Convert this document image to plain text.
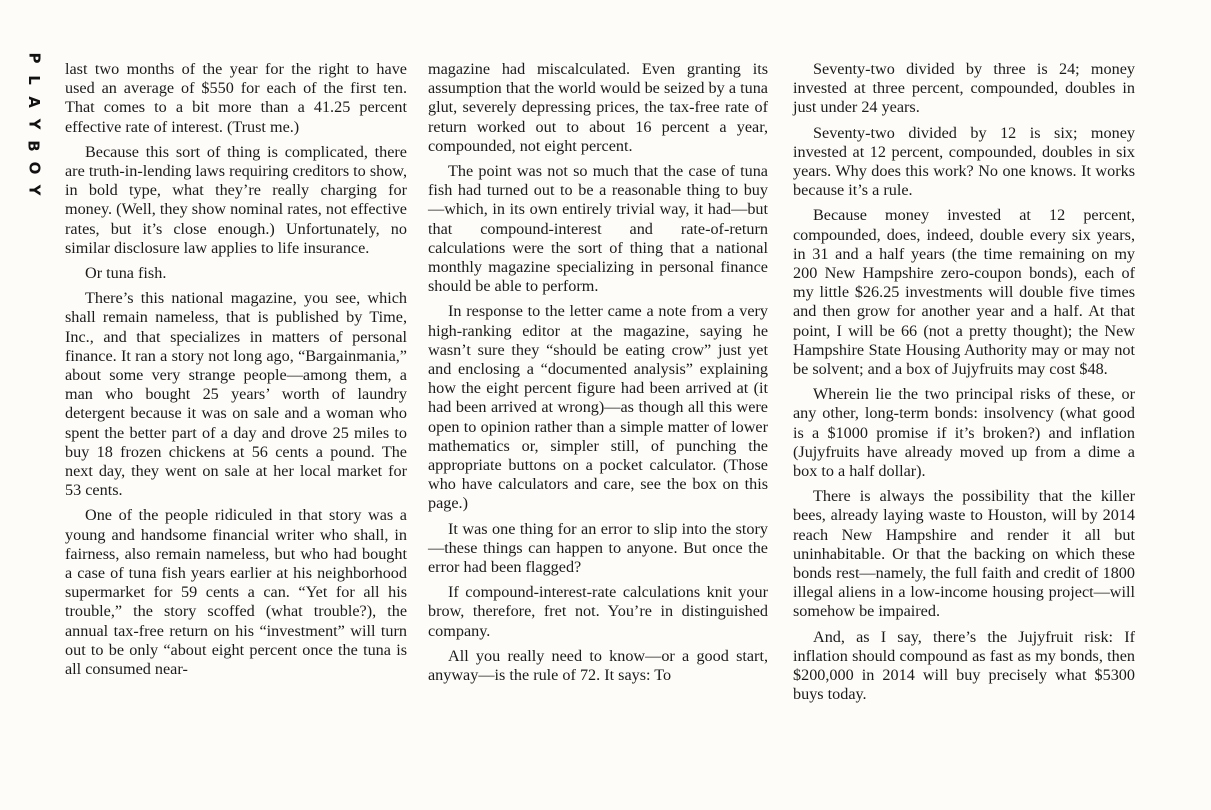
P
L
A
Y
B
O
Y

last two months of the year for the right to have used an average of $550 for each of the first ten. That comes to a bit more than a 41.25 percent effective rate of interest. (Trust me.)

Because this sort of thing is complicated, there are truth-in-lending laws requiring creditors to show, in bold type, what they’re really charging for money. (Well, they show nominal rates, not effective rates, but it’s close enough.) Unfortunately, no similar disclosure law applies to life insurance.

Or tuna fish.

There’s this national magazine, you see, which shall remain nameless, that is published by Time, Inc., and that specializes in matters of personal finance. It ran a story not long ago, “Bargainmania,” about some very strange people—among them, a man who bought 25 years’ worth of laundry detergent because it was on sale and a woman who spent the better part of a day and drove 25 miles to buy 18 frozen chickens at 56 cents a pound. The next day, they went on sale at her local market for 53 cents.

One of the people ridiculed in that story was a young and handsome financial writer who shall, in fairness, also remain nameless, but who had bought a case of tuna fish years earlier at his neighborhood supermarket for 59 cents a can. “Yet for all his trouble,” the story scoffed (what trouble?), the annual tax-free return on his “investment” will turn out to be only “about eight percent once the tuna is all consumed near-

magazine had miscalculated. Even granting its assumption that the world would be seized by a tuna glut, severely depressing prices, the tax-free rate of return worked out to about 16 percent a year, compounded, not eight percent.

The point was not so much that the case of tuna fish had turned out to be a reasonable thing to buy—which, in its own entirely trivial way, it had—but that compound-interest and rate-of-return calculations were the sort of thing that a national monthly magazine specializing in personal finance should be able to perform.

In response to the letter came a note from a very high-ranking editor at the magazine, saying he wasn’t sure they “should be eating crow” just yet and enclosing a “documented analysis” explaining how the eight percent figure had been arrived at (it had been arrived at wrong)—as though all this were open to opinion rather than a simple matter of lower mathematics or, simpler still, of punching the appropriate buttons on a pocket calculator. (Those who have calculators and care, see the box on this page.)

It was one thing for an error to slip into the story—these things can happen to anyone. But once the error had been flagged?

If compound-interest-rate calculations knit your brow, therefore, fret not. You’re in distinguished company.

All you really need to know—or a good start, anyway—is the rule of 72. It says: To

Seventy-two divided by three is 24; money invested at three percent, compounded, doubles in just under 24 years.

Seventy-two divided by 12 is six; money invested at 12 percent, compounded, doubles in six years. Why does this work? No one knows. It works because it’s a rule.

Because money invested at 12 percent, compounded, does, indeed, double every six years, in 31 and a half years (the time remaining on my 200 New Hampshire zero-coupon bonds), each of my little $26.25 investments will double five times and then grow for another year and a half. At that point, I will be 66 (not a pretty thought); the New Hampshire State Housing Authority may or may not be solvent; and a box of Jujyfruits may cost $48.

Wherein lie the two principal risks of these, or any other, long-term bonds: insolvency (what good is a $1000 promise if it’s broken?) and inflation (Jujyfruits have already moved up from a dime a box to a half dollar).

There is always the possibility that the killer bees, already laying waste to Houston, will by 2014 reach New Hampshire and render it all but uninhabitable. Or that the backing on which these bonds rest—namely, the full faith and credit of 1800 illegal aliens in a low-income housing project—will somehow be impaired.

And, as I say, there’s the Jujyfruit risk: If inflation should compound as fast as my bonds, then $200,000 in 2014 will buy precisely what $5300 buys today.
